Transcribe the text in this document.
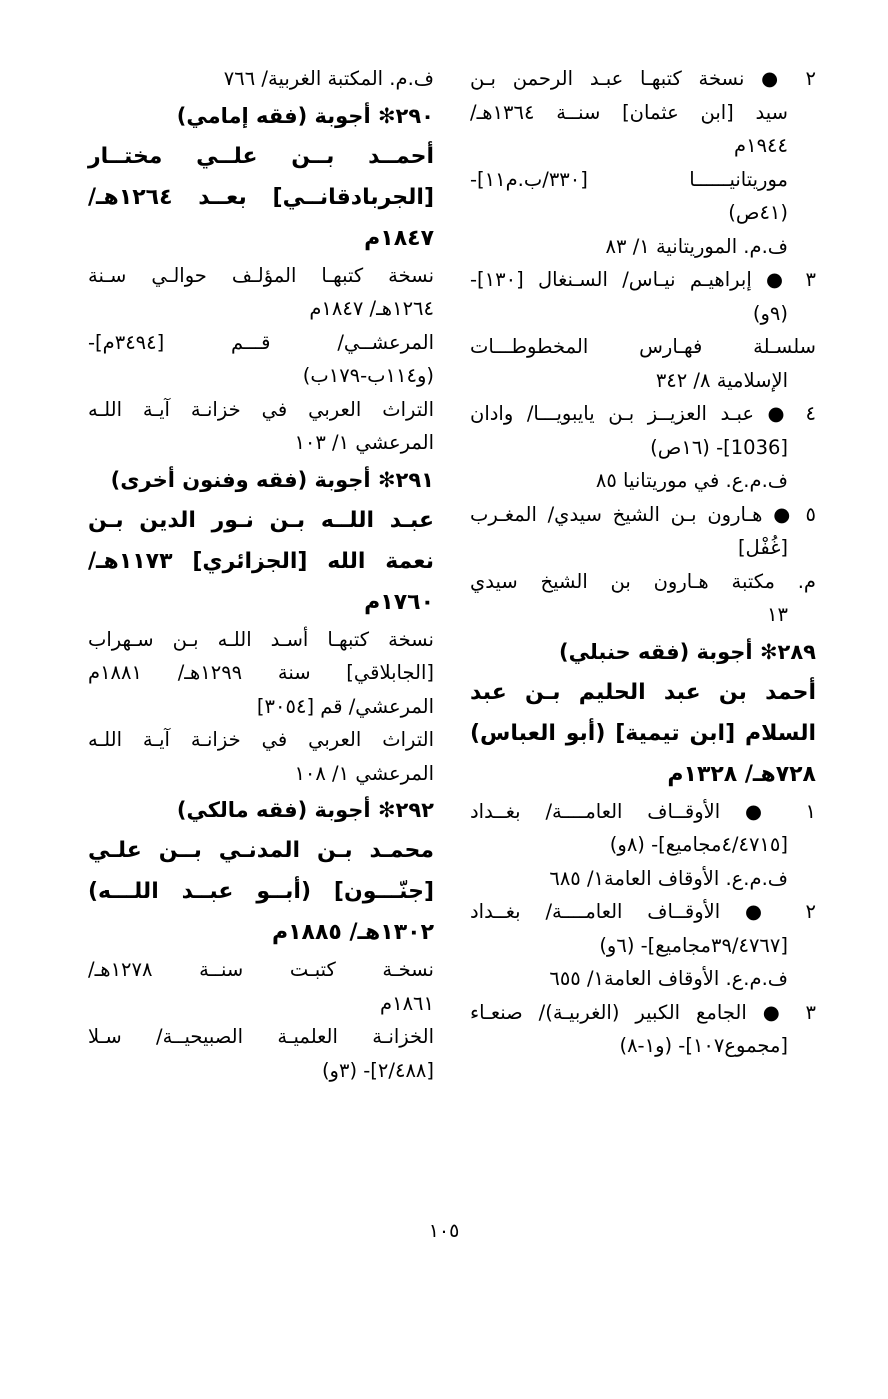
٢ ● نسخة كتبهـا عبـد الرحمن بـن
سيد [ابن عثمان] سنــة ١٣٦٤هـ/
١٩٤٤م
موريتانيــــــا [٣٣٠/ب.م١١]-
(٤١ص)
ف.م. الموريتانية ١/ ٨٣
٣ ● إبراهيـم نيـاس/ السـنغال [١٣٠]-
(٩و)
سلسـلة فهـارس المخطوطـــات
الإسلامية ٨/ ٣٤٢
٤ ● عبـد العزيــز بـن يايبويـــا/ وادان
[1036]- (١٦ص)
ف.م.ع. في موريتانيا ٨٥
٥ ● هـارون بـن الشيخ سيدي/ المغـرب
[غُفْل]
م. مكتبة هـارون بن الشيخ سيدي
١٣
٢٨٩✻ أجوبة (فقه حنبلي)
أحمد بن عبد الحليم بـن عبد
السلام [ابن تيمية] (أبو العباس)
٧٢٨هـ/ ١٣٢٨م
١ ● الأوقــاف العامــــة/ بغــداد
[٤/٤٧١٥مجاميع]- (٨و)
ف.م.ع. الأوقاف العامة١/ ٦٨٥
٢ ● الأوقــاف العامــــة/ بغــداد
[٣٩/٤٧٦٧مجاميع]- (٦و)
ف.م.ع. الأوقاف العامة١/ ٦٥٥
٣ ● الجامع الكبير (الغربيـة)/ صنعـاء
[مجموع١٠٧]- (و١-٨)
ف.م. المكتبة الغربية/ ٧٦٦
٢٩٠✻ أجوبة (فقه إمامي)
أحمــد بــن علــي مختــار
[الجربادقانــي] بعــد ١٢٦٤هـ/
١٨٤٧م
نسخة كتبهـا المؤلـف حوالـي سـنة
١٢٦٤هـ/ ١٨٤٧م
المرعشــي/ قـــم [٣٤٩٤م]-
(و١١٤ب-١٧٩ب)
التراث العربي في خزانـة آيـة اللـه
المرعشي ١/ ١٠٣
٢٩١✻ أجوبة (فقه وفنون أخرى)
عبـد اللــه بـن نـور الدين بـن
نعمة الله [الجزائري] ١١٧٣هـ/
١٧٦٠م
نسخة كتبهـا أسـد اللـه بـن سـهراب
[الجابلاقي] سنة ١٢٩٩هـ/ ١٨٨١م
المرعشي/ قم [٣٠٥٤]
التراث العربي في خزانـة آيـة اللـه
المرعشي ١/ ١٠٨
٢٩٢✻ أجوبة (فقه مالكي)
محمـد بـن المدنـي بــن علـي
[جنّـــون] (أبــو عبــد اللـــه)
١٣٠٢هـ/ ١٨٨٥م
نسخـة كتبـت سنــة ١٢٧٨هـ/
١٨٦١م
الخزانـة العلميـة الصبيحيــة/ سـلا
[٢/٤٨٨]- (٣و)
١٠٥
